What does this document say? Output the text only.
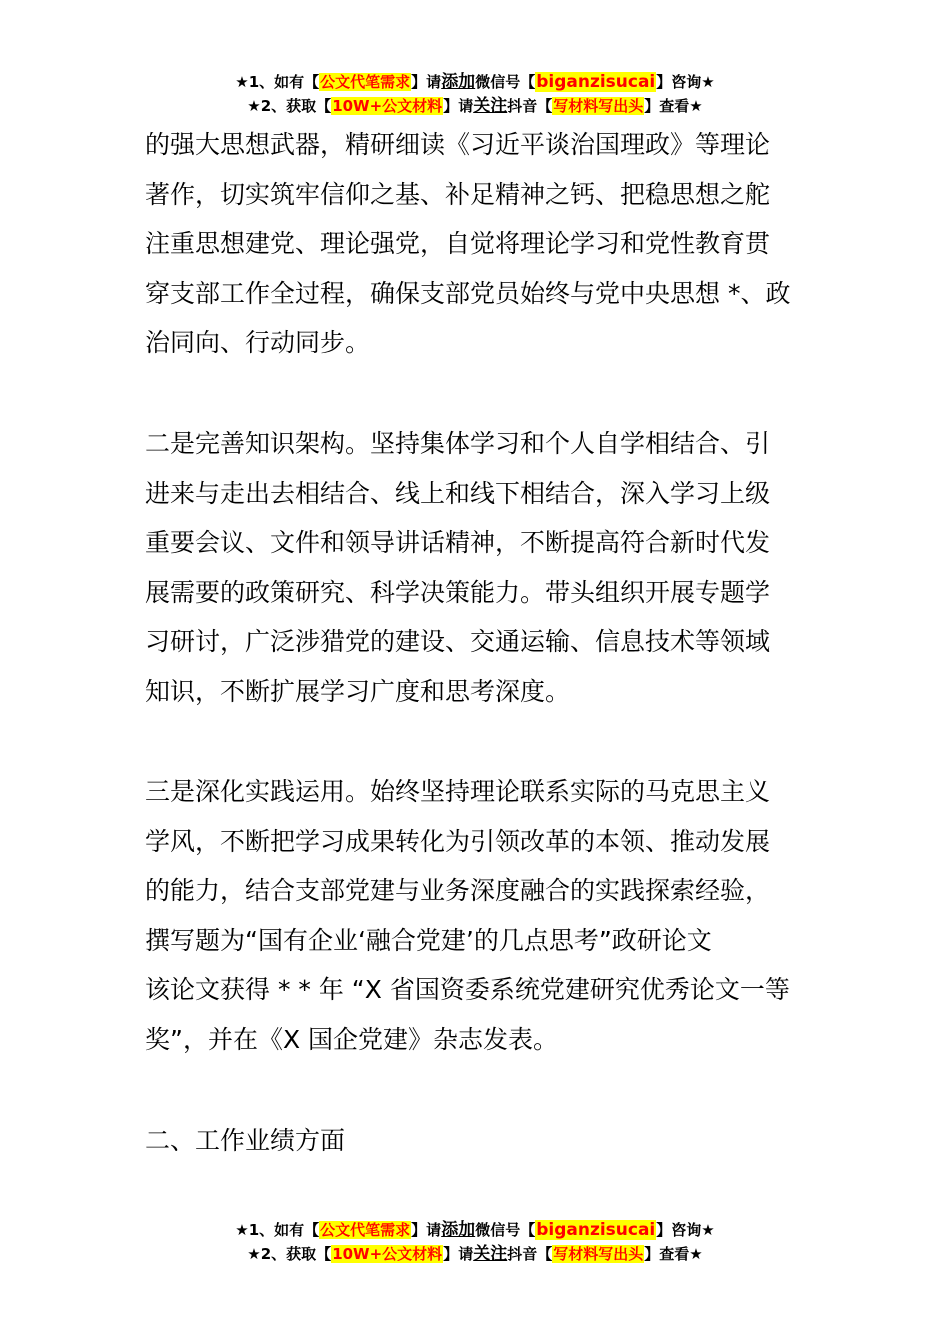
★1、如有【公文代笔需求】请添加微信号【biganzisucai】咨询★
★2、获取【10W+公文材料】请关注抖音【写材料写出头】查看★

的强大思想武器，精研细读《习近平谈治国理政》等理论
著作，切实筑牢信仰之基、补足精神之钙、把稳思想之舵
注重思想建党、理论强党，自觉将理论学习和党性教育贯
穿支部工作全过程，确保支部党员始终与党中央思想 *、政
治同向、行动同步。

二是完善知识架构。坚持集体学习和个人自学相结合、引
进来与走出去相结合、线上和线下相结合，深入学习上级
重要会议、文件和领导讲话精神，不断提高符合新时代发
展需要的政策研究、科学决策能力。带头组织开展专题学
习研讨，广泛涉猎党的建设、交通运输、信息技术等领域
知识，不断扩展学习广度和思考深度。

三是深化实践运用。始终坚持理论联系实际的马克思主义
学风，不断把学习成果转化为引领改革的本领、推动发展
的能力，结合支部党建与业务深度融合的实践探索经验，
撰写题为“国有企业‘融合党建’的几点思考”政研论文
该论文获得 * * 年 “X 省国资委系统党建研究优秀论文一等
奖”，并在《X 国企党建》杂志发表。

二、工作业绩方面
★1、如有【公文代笔需求】请添加微信号【biganzisucai】咨询★
★2、获取【10W+公文材料】请关注抖音【写材料写出头】查看★
